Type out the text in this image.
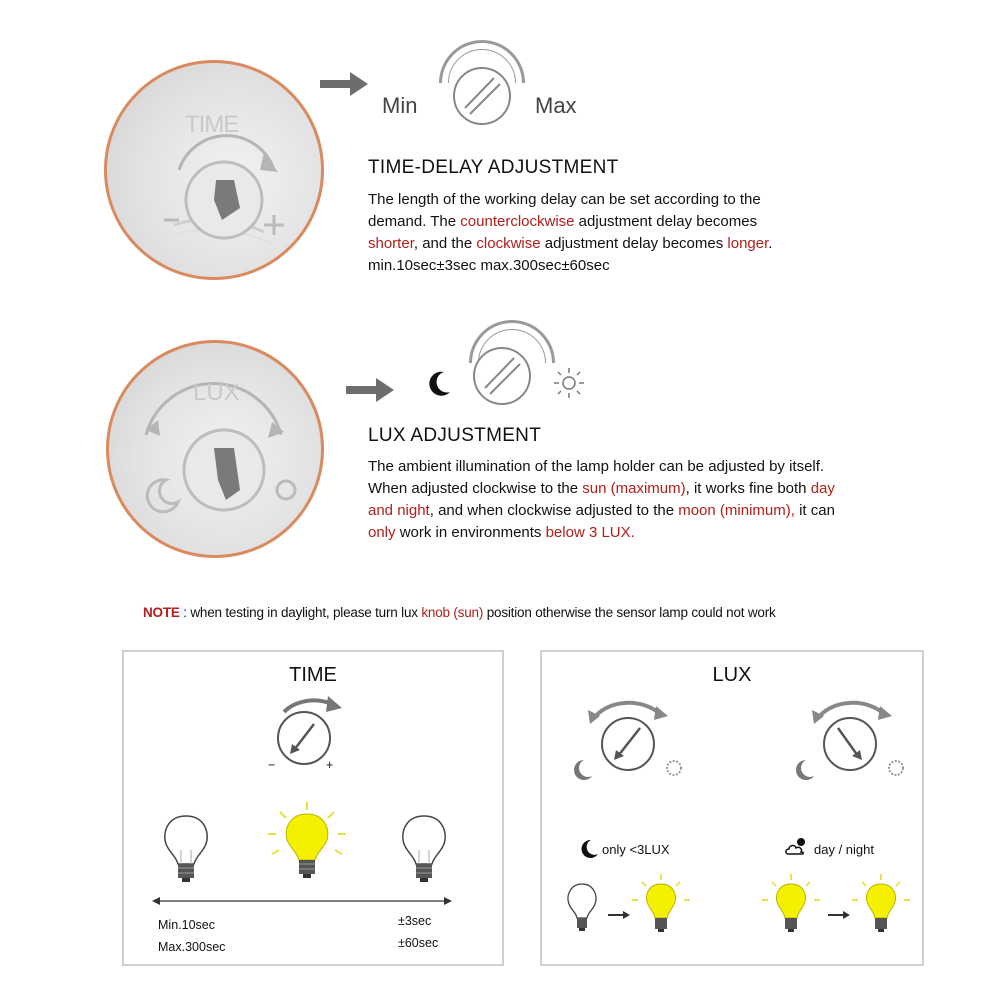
Min	Max
TIME
TIME-DELAY ADJUSTMENT
The length of the working delay can be set according to the
demand. The counterclockwise adjustment delay becomes
shorter, and the clockwise adjustment delay becomes longer.
min.10sec±3sec max.300sec±60sec
LUX
LUX ADJUSTMENT
The ambient illumination of the lamp holder can be adjusted by itself.
When adjusted clockwise to the sun (maximum), it works fine both day
and night, and when clockwise adjusted to the moon (minimum), it can
only work in environments below 3 LUX.
NOTE : when testing in daylight, please turn lux knob (sun) position otherwise the sensor lamp could not work
TIME
−	+
Min.10sec
Max.300sec
±3sec
±60sec
LUX
only <3LUX	day / night
